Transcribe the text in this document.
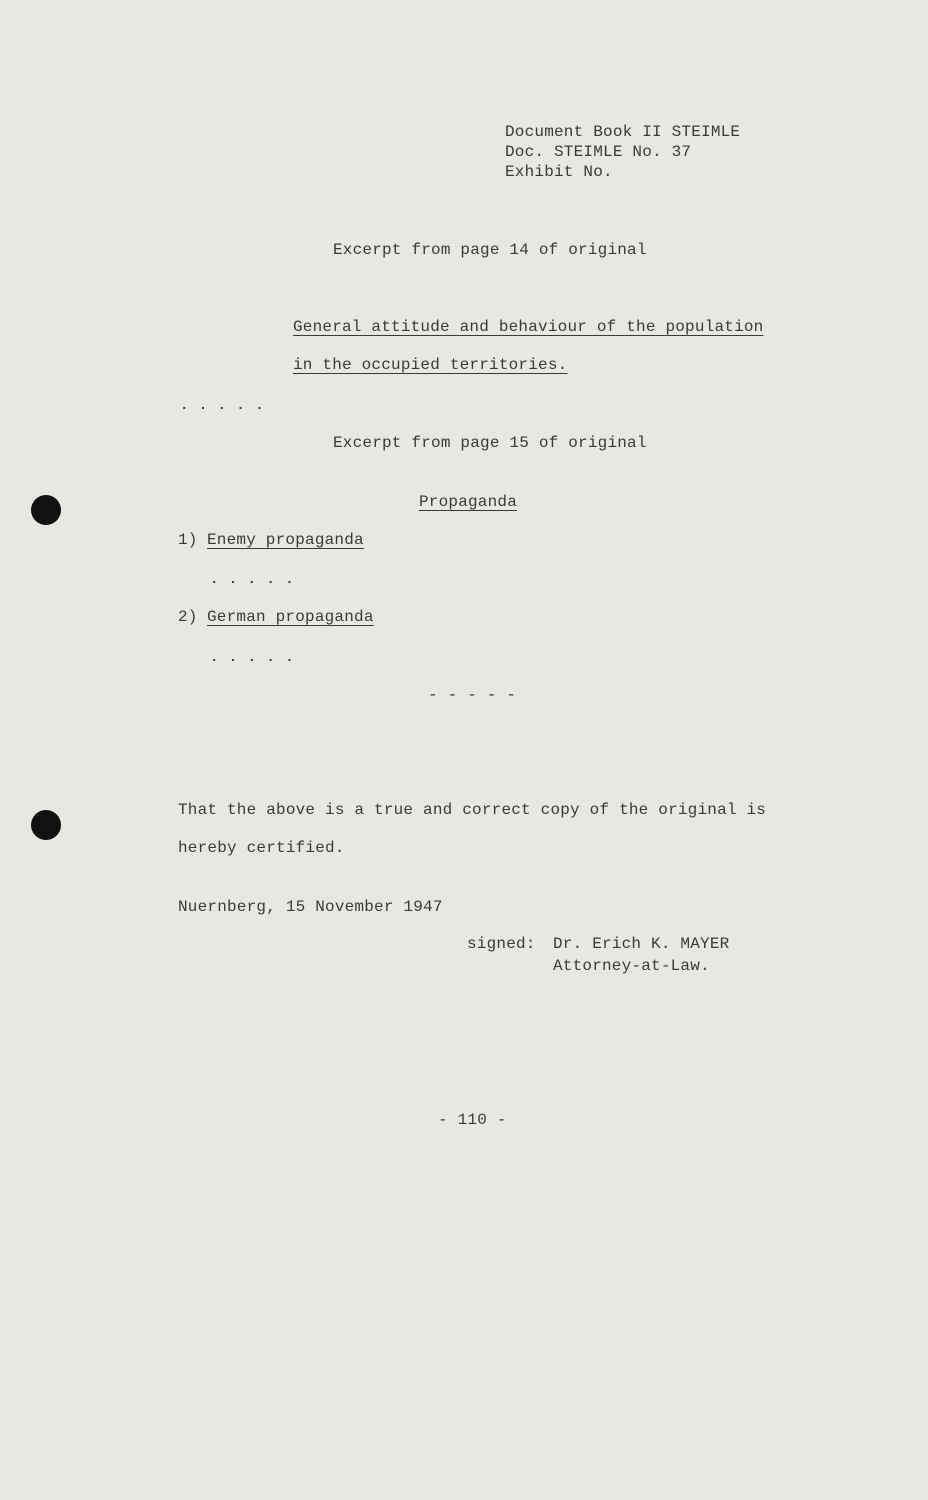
Document Book II STEIMLE
Doc. STEIMLE No. 37
Exhibit No.
Excerpt from page 14 of original
General attitude and behaviour of the population
in the occupied territories.
. . . . .
Excerpt from page 15 of original
Propaganda
1) Enemy propaganda
. . . . .
2) German propaganda
. . . . .
- - - - -
That the above is a true and correct copy of the original is
hereby certified.
Nuernberg, 15 November 1947
signed: Dr. Erich K. MAYER
Attorney-at-Law.
- 110 -
